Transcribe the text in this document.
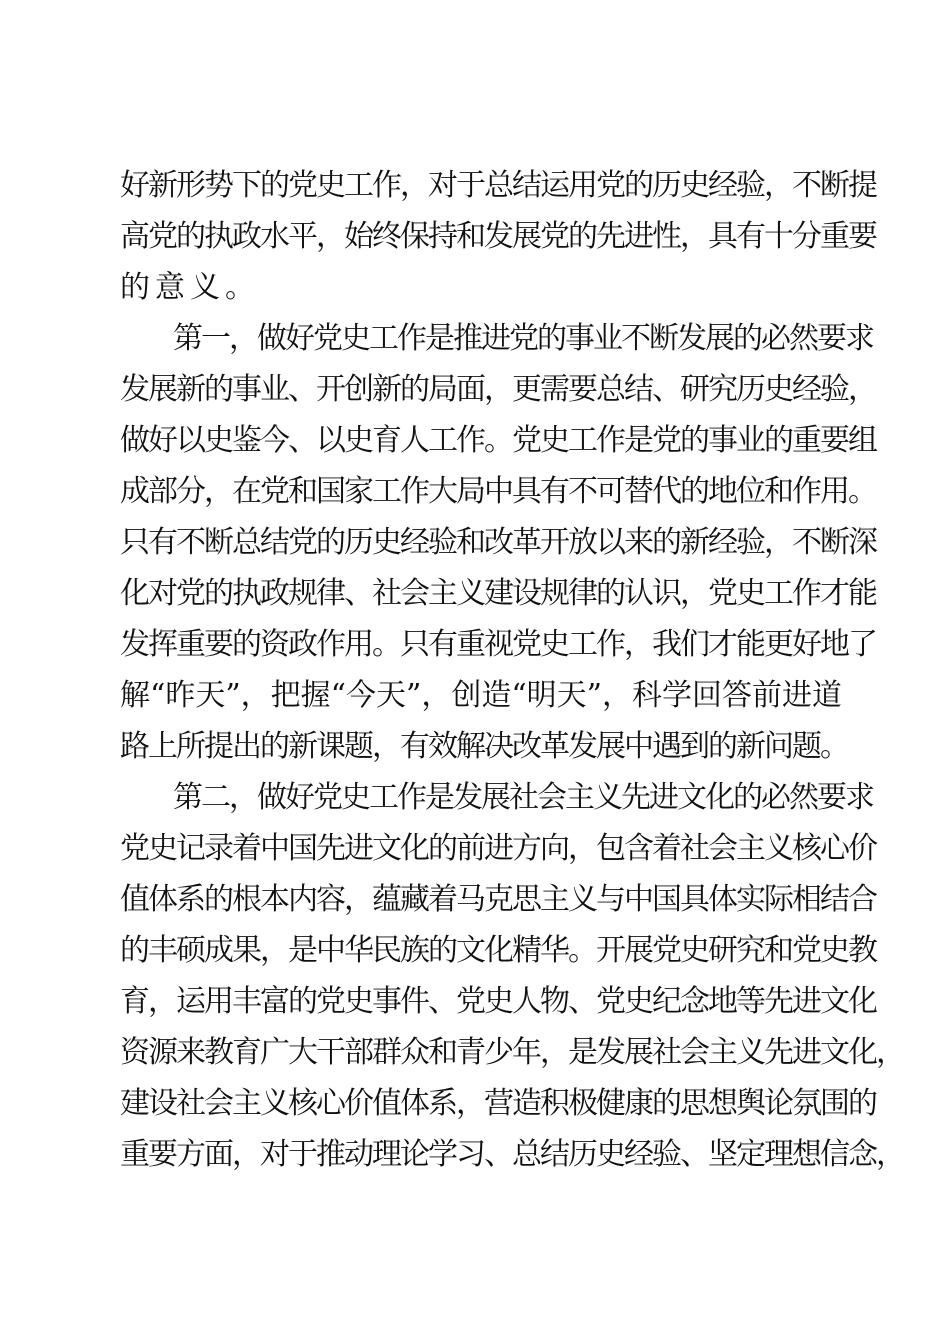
好新形势下的党史工作，对于总结运用党的历史经验，不断提
高党的执政水平，始终保持和发展党的先进性，具有十分重要
的意义。
第一，做好党史工作是推进党的事业不断发展的必然要求
发展新的事业、开创新的局面，更需要总结、研究历史经验，
做好以史鉴今、以史育人工作。党史工作是党的事业的重要组
成部分，在党和国家工作大局中具有不可替代的地位和作用。
只有不断总结党的历史经验和改革开放以来的新经验，不断深
化对党的执政规律、社会主义建设规律的认识，党史工作才能
发挥重要的资政作用。只有重视党史工作，我们才能更好地了
解“昨天”，把握“今天”，创造“明天”，科学回答前进道
路上所提出的新课题，有效解决改革发展中遇到的新问题。
第二，做好党史工作是发展社会主义先进文化的必然要求
党史记录着中国先进文化的前进方向，包含着社会主义核心价
值体系的根本内容，蕴藏着马克思主义与中国具体实际相结合
的丰硕成果，是中华民族的文化精华。开展党史研究和党史教
育，运用丰富的党史事件、党史人物、党史纪念地等先进文化
资源来教育广大干部群众和青少年，是发展社会主义先进文化，
建设社会主义核心价值体系，营造积极健康的思想舆论氛围的
重要方面，对于推动理论学习、总结历史经验、坚定理想信念，
